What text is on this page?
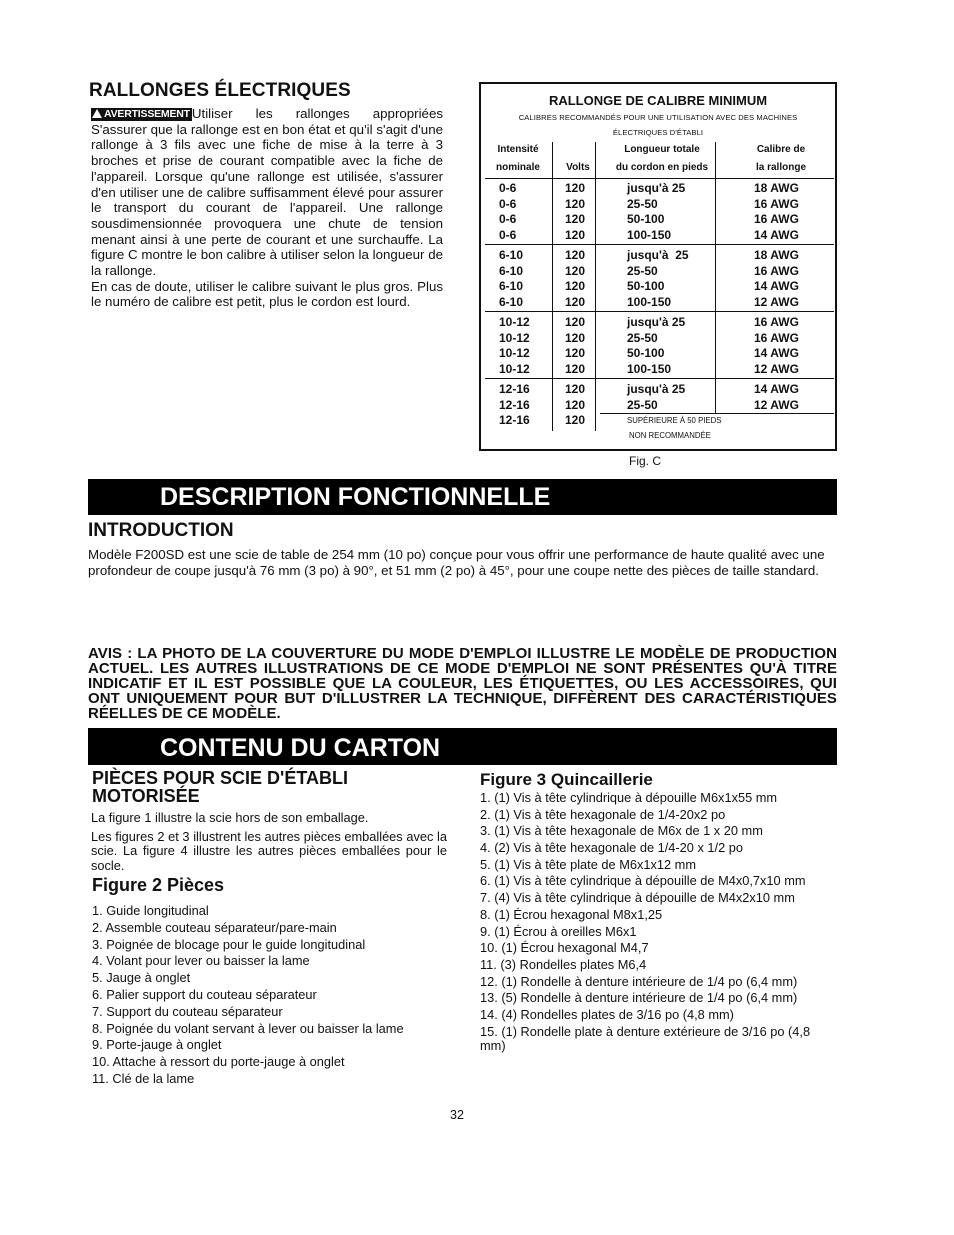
RALLONGES ÉLECTRIQUES

AVERTISSEMENT Utiliser les rallonges appropriées S'assurer que la rallonge est en bon état et qu'il s'agit d'une rallonge à 3 fils avec une fiche de mise à la terre à 3 broches et prise de courant compatible avec la fiche de l'appareil. Lorsque qu'une rallonge est utilisée, s'assurer d'en utiliser une de calibre suffisamment élevé pour assurer le transport du courant de l'appareil. Une rallonge sousdimensionnée provoquera une chute de tension menant ainsi à une perte de courant et une surchauffe. La figure C montre le bon calibre à utiliser selon la longueur de la rallonge.

En cas de doute, utiliser le calibre suivant le plus gros. Plus le numéro de calibre est petit, plus le cordon est lourd.

RALLONGE DE CALIBRE MINIMUM
CALIBRES RECOMMANDÉS POUR UNE UTILISATION AVEC DES MACHINES
ÉLECTRIQUES D'ÉTABLI
Intensité
nominale	Volts
Longueur totale
du cordon en pieds
Calibre de
la rallonge
0-6
0-6
0-6
0-6
120
120
120
120
jusqu'à 25
25-50
50-100
100-150
18 AWG
16 AWG
16 AWG
14 AWG
6-10
6-10
6-10
6-10
120
120
120
120
jusqu'à  25
25-50
50-100
100-150
18 AWG
16 AWG
14 AWG
12 AWG
10-12
10-12
10-12
10-12
120
120
120
120
jusqu'à 25
25-50
50-100
100-150
16 AWG
16 AWG
14 AWG
12 AWG
12-16
12-16
12-16
120
120
120
jusqu'à 25
25-50
14 AWG
12 AWG
SUPÉRIEURE À 50 PIEDS
NON RECOMMANDÉE
Fig. C
DESCRIPTION FONCTIONNELLE
INTRODUCTION
Modèle F200SD est une scie de table de 254 mm (10 po) conçue pour vous offrir une performance de haute qualité avec une profondeur de coupe jusqu'à 76 mm (3 po) à 90°, et 51 mm (2 po) à 45°, pour une coupe nette des pièces de taille standard.
AVIS : LA PHOTO DE LA COUVERTURE DU MODE D'EMPLOI ILLUSTRE LE MODÈLE DE PRODUCTION ACTUEL. LES AUTRES ILLUSTRATIONS DE CE MODE D'EMPLOI NE SONT PRÉSENTES QU'À TITRE INDICATIF ET IL EST POSSIBLE QUE LA COULEUR, LES ÉTIQUETTES, OU LES ACCESSOIRES, QUI ONT UNIQUEMENT POUR BUT D'ILLUSTRER LA TECHNIQUE, DIFFÈRENT DES CARACTÉRISTIQUES RÉELLES DE CE MODÈLE.
CONTENU DU CARTON
PIÈCES POUR SCIE D'ÉTABLI MOTORISÉE
La figure 1 illustre la scie hors de son emballage.
Les figures 2 et 3 illustrent les autres pièces emballées avec la scie. La figure 4 illustre les autres pièces emballées pour le socle.
Figure 2 Pièces
1. Guide longitudinal
2. Assemble couteau séparateur/pare-main
3. Poignée de blocage pour le guide longitudinal
4. Volant pour lever ou baisser la lame
5. Jauge à onglet
6. Palier support du couteau séparateur
7. Support du couteau séparateur
8. Poignée du volant servant à lever ou baisser la lame
9. Porte-jauge à onglet
10. Attache à ressort du porte-jauge à onglet
11. Clé de la lame
Figure 3 Quincaillerie
1. (1) Vis à tête cylindrique à dépouille M6x1x55 mm
2. (1) Vis à tête hexagonale de 1/4-20x2 po
3. (1) Vis à tête hexagonale de M6x de 1 x 20 mm
4. (2) Vis à tête hexagonale de 1/4-20 x 1/2 po
5. (1) Vis à tête plate de M6x1x12 mm
6. (1) Vis à tête cylindrique à dépouille de M4x0,7x10 mm
7. (4) Vis à tête cylindrique à dépouille de M4x2x10 mm
8. (1) Écrou hexagonal M8x1,25
9. (1) Écrou à oreilles M6x1
10. (1) Écrou hexagonal M4,7
11. (3) Rondelles plates M6,4
12. (1) Rondelle à denture intérieure de 1/4 po (6,4 mm)
13. (5) Rondelle à denture intérieure de 1/4 po (6,4 mm)
14. (4) Rondelles plates de 3/16 po (4,8 mm)
15. (1) Rondelle plate à denture extérieure de 3/16 po (4,8 mm)
32
